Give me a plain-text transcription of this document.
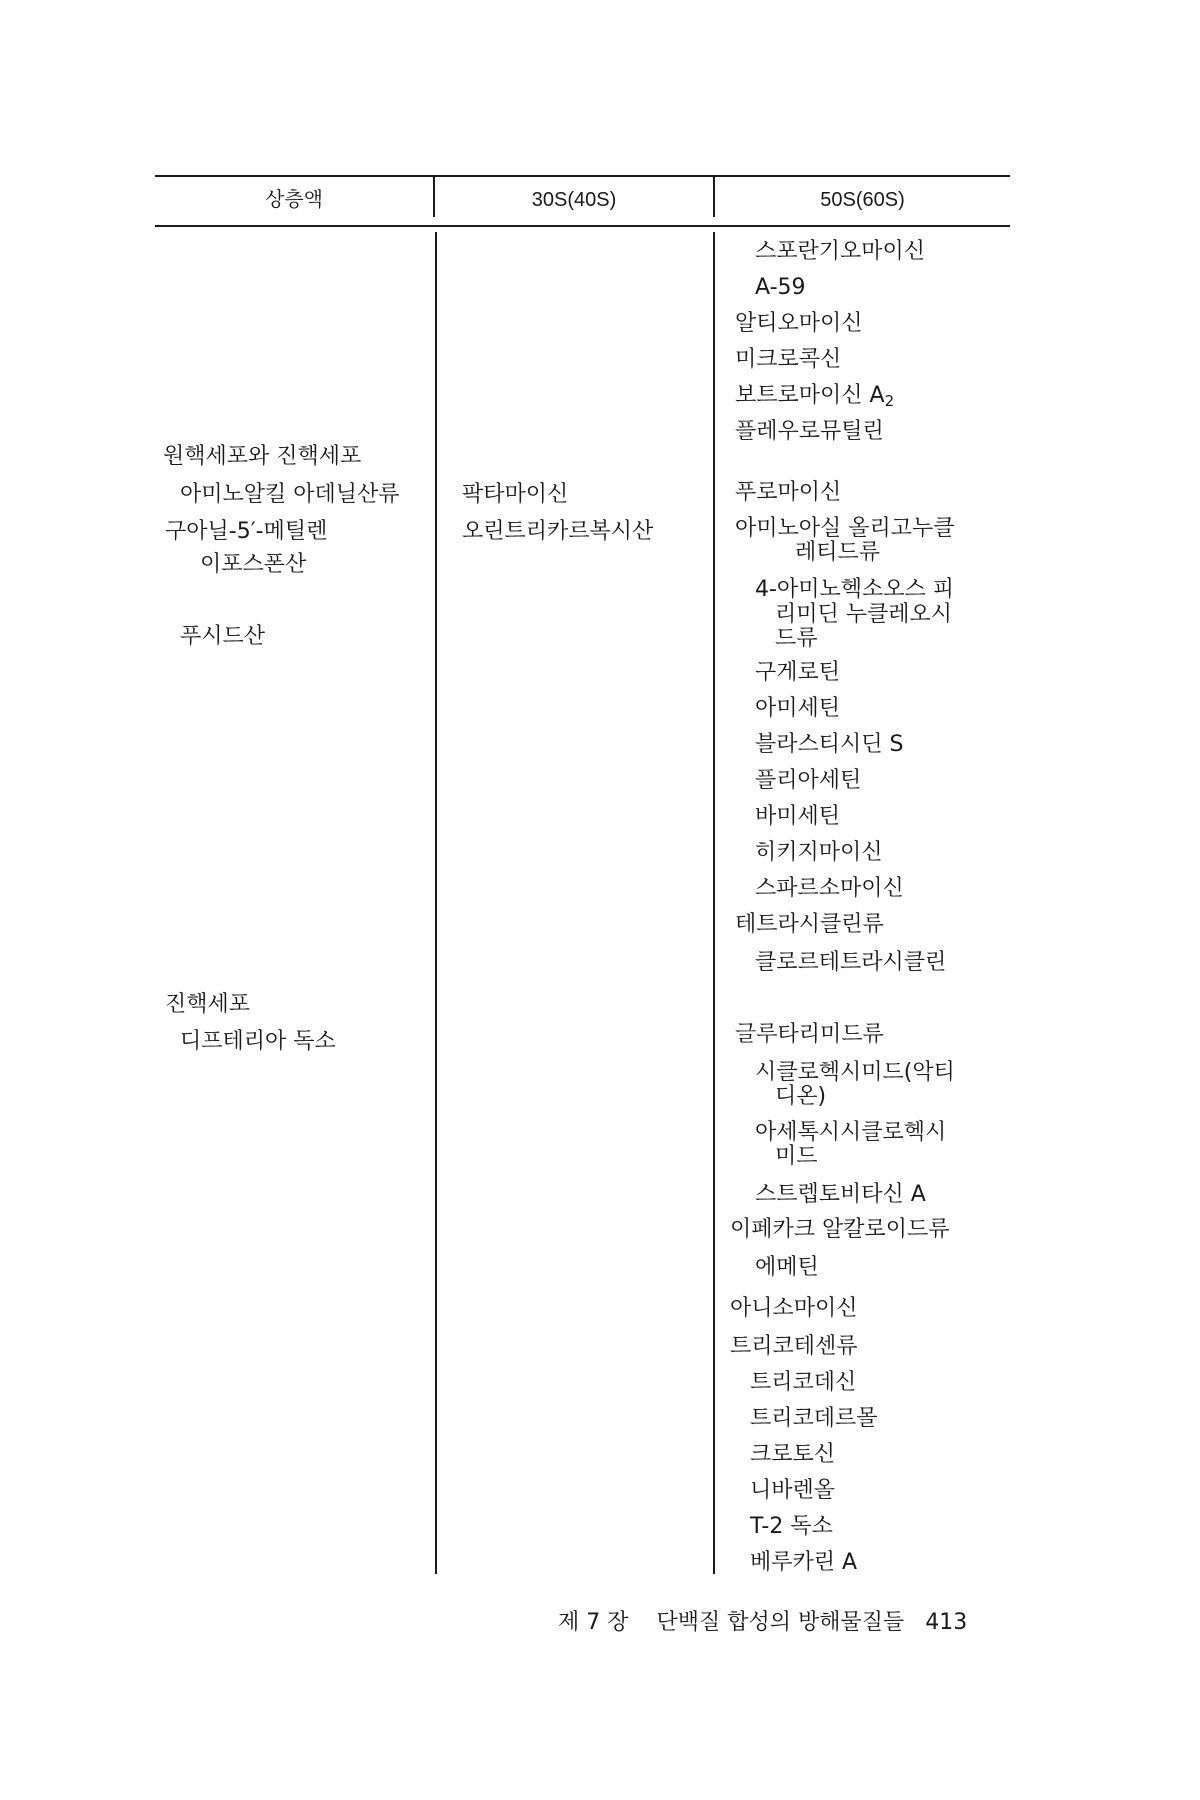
상층액	30S(40S)	50S(60S)
원핵세포와 진핵세포
아미노알킬 아데닐산류
구아닐-5′-메틸렌
이포스폰산
푸시드산
진핵세포
디프테리아 독소
팍타마이신
오린트리카르복시산
스포란기오마이신
A-59
알티오마이신
미크로콕신
보트로마이신 $A_2$
플레우로뮤틸린
푸로마이신
아미노아실 올리고누클
레티드류
4-아미노헥소오스 피
리미딘 누클레오시
드류
구게로틴
아미세틴
블라스티시딘 S
플리아세틴
바미세틴
히키지마이신
스파르소마이신
테트라시클린류
클로르테트라시클린
글루타리미드류
시클로헥시미드(악티
디온)
아세톡시시클로헥시
미드
스트렙토비타신 A
이페카크 알칼로이드류
에메틴
아니소마이신
트리코테센류
트리코데신
트리코데르몰
크로토신
니바렌올
T-2 독소
베루카린 A
제 7 장 단백질 합성의 방해물질들 413
